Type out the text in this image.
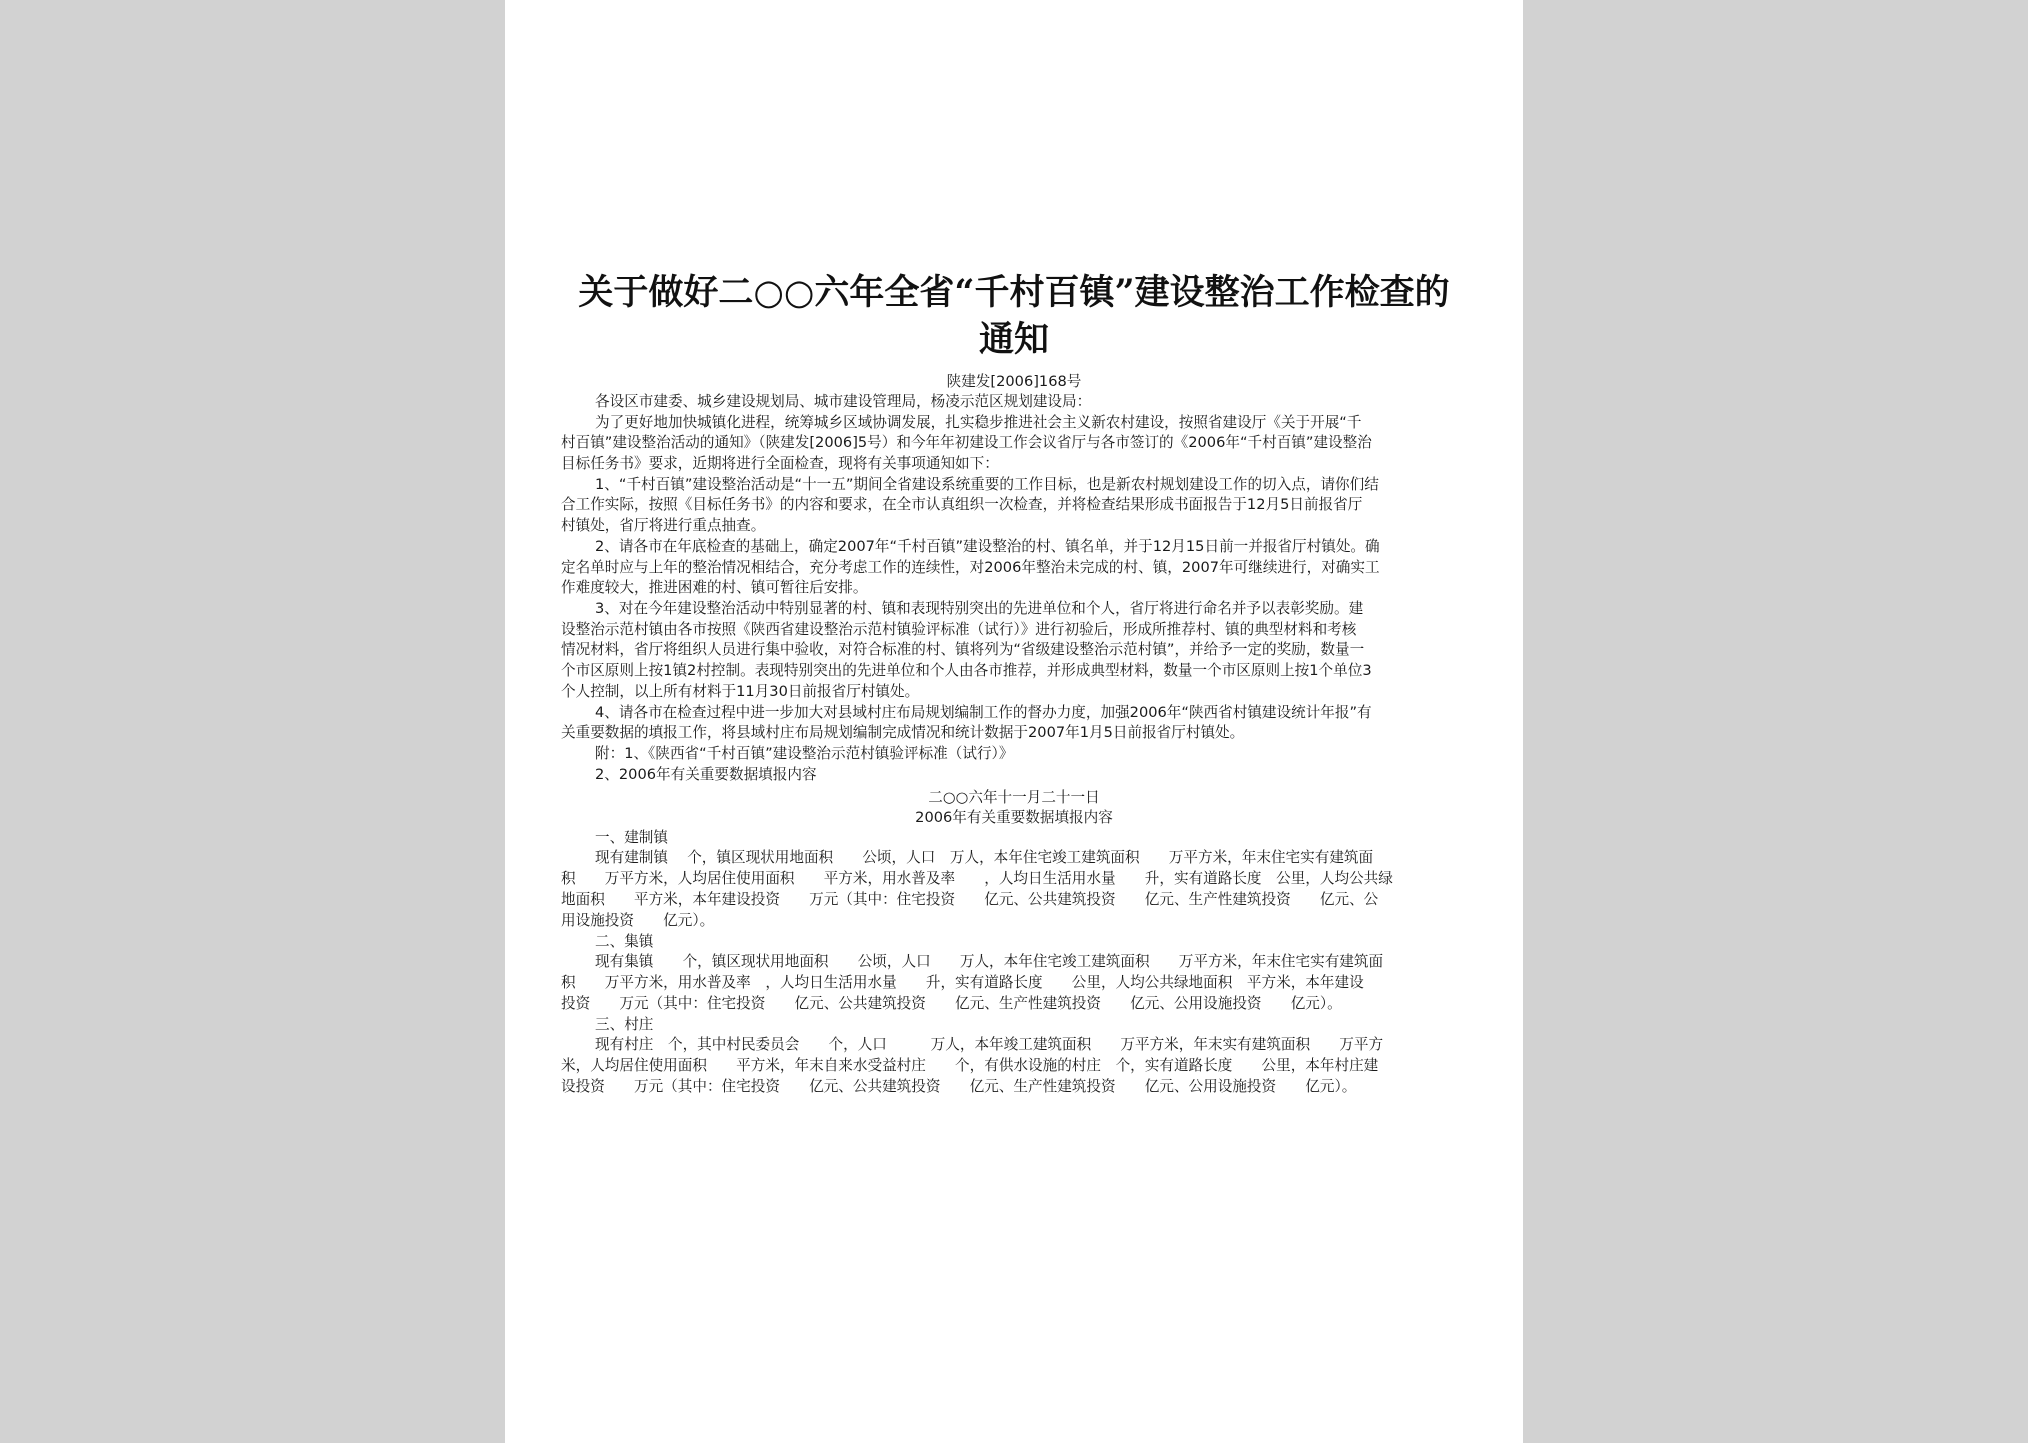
关于做好二○○六年全省“千村百镇”建设整治工作检查的
通知
陕建发[2006]168号
各设区市建委、城乡建设规划局、城市建设管理局，杨凌示范区规划建设局：
为了更好地加快城镇化进程，统筹城乡区域协调发展，扎实稳步推进社会主义新农村建设，按照省建设厅《关于开展“千
村百镇”建设整治活动的通知》（陕建发[2006]5号）和今年年初建设工作会议省厅与各市签订的《2006年“千村百镇”建设整治
目标任务书》要求，近期将进行全面检查，现将有关事项通知如下：
1、“千村百镇”建设整治活动是“十一五”期间全省建设系统重要的工作目标，也是新农村规划建设工作的切入点，请你们结
合工作实际，按照《目标任务书》的内容和要求，在全市认真组织一次检查，并将检查结果形成书面报告于12月5日前报省厅
村镇处，省厅将进行重点抽查。
2、请各市在年底检查的基础上，确定2007年“千村百镇”建设整治的村、镇名单，并于12月15日前一并报省厅村镇处。确
定名单时应与上年的整治情况相结合，充分考虑工作的连续性，对2006年整治未完成的村、镇，2007年可继续进行，对确实工
作难度较大，推进困难的村、镇可暂往后安排。
3、对在今年建设整治活动中特别显著的村、镇和表现特别突出的先进单位和个人，省厅将进行命名并予以表彰奖励。建
设整治示范村镇由各市按照《陕西省建设整治示范村镇验评标准（试行）》进行初验后，形成所推荐村、镇的典型材料和考核
情况材料，省厅将组织人员进行集中验收，对符合标准的村、镇将列为“省级建设整治示范村镇”，并给予一定的奖励，数量一
个市区原则上按1镇2村控制。表现特别突出的先进单位和个人由各市推荐，并形成典型材料，数量一个市区原则上按1个单位3
个人控制，以上所有材料于11月30日前报省厅村镇处。
4、请各市在检查过程中进一步加大对县域村庄布局规划编制工作的督办力度，加强2006年“陕西省村镇建设统计年报”有
关重要数据的填报工作，将县域村庄布局规划编制完成情况和统计数据于2007年1月5日前报省厅村镇处。
附：1、《陕西省“千村百镇”建设整治示范村镇验评标准（试行）》
2、2006年有关重要数据填报内容
二○○六年十一月二十一日
2006年有关重要数据填报内容
一、建制镇
现有建制镇　 个，镇区现状用地面积　　公顷，人口　万人，本年住宅竣工建筑面积　　万平方米，年末住宅实有建筑面
积　　万平方米，人均居住使用面积　　平方米，用水普及率　　，人均日生活用水量　　升，实有道路长度　公里，人均公共绿
地面积　　平方米，本年建设投资　　万元（其中：住宅投资　　亿元、公共建筑投资　　亿元、生产性建筑投资　　亿元、公
用设施投资　　亿元）。
二、集镇
现有集镇　　个，镇区现状用地面积　　公顷，人口　　万人，本年住宅竣工建筑面积　　万平方米，年末住宅实有建筑面
积　　万平方米，用水普及率　，人均日生活用水量　　升，实有道路长度　　公里，人均公共绿地面积　平方米，本年建设
投资　　万元（其中：住宅投资　　亿元、公共建筑投资　　亿元、生产性建筑投资　　亿元、公用设施投资　　亿元）。
三、村庄
现有村庄　个，其中村民委员会　　个，人口　　　万人，本年竣工建筑面积　　万平方米，年末实有建筑面积　　万平方
米，人均居住使用面积　　平方米，年末自来水受益村庄　　个，有供水设施的村庄　个，实有道路长度　　公里，本年村庄建
设投资　　万元（其中：住宅投资　　亿元、公共建筑投资　　亿元、生产性建筑投资　　亿元、公用设施投资　　亿元）。
